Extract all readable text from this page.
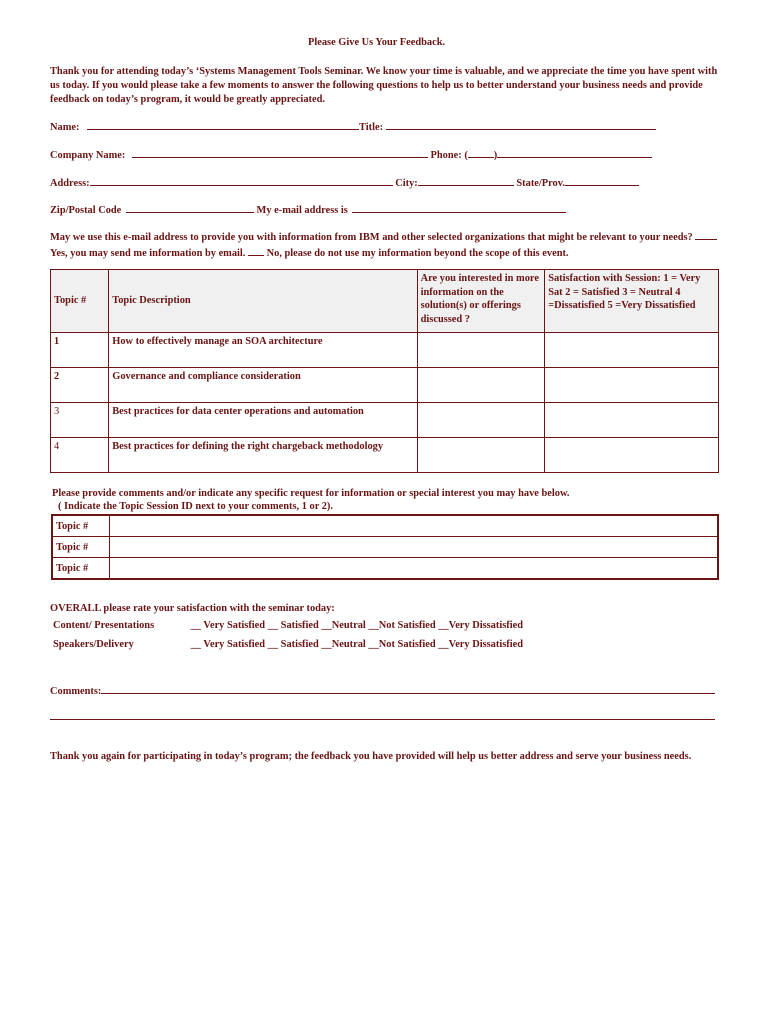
Please Give Us Your Feedback.
Thank you for attending today’s ‘Systems Management Tools Seminar. We know your time is valuable, and we appreciate the time you have spent with us today. If you would please take a few moments to answer the following questions to help us to better understand your business needs and provide feedback on today’s program, it would be greatly appreciated.
Name:	Title:
Company Name:	Phone: (	)
Address:	City:	State/Prov.
Zip/Postal Code	My e-mail address is
May we use this e-mail address to provide you with information from IBM and other selected organizations that might be relevant to your needs?  Yes, you may send me information by email. No, please do not use my information beyond the scope of this event.
Topic #	Topic Description	Are you interested in more information on the solution(s) or offerings discussed ?	Satisfaction with Session: 1 = Very Sat 2 = Satisfied 3 = Neutral 4 =Dissatisfied 5 =Very Dissatisfied
1	How to effectively manage an SOA architecture		
2	Governance and compliance consideration		
3	Best practices for data center operations and automation		
4	Best practices for defining the right chargeback methodology		
Please provide comments and/or indicate any specific request for information or special interest you may have below.
( Indicate the Topic Session ID next to your comments, 1 or 2).
Topic #	
Topic #	
Topic #	
OVERALL please rate your satisfaction with the seminar today:
Content/ Presentations	__ Very Satisfied __ Satisfied __Neutral __Not Satisfied __Very Dissatisfied
Speakers/Delivery	__ Very Satisfied __ Satisfied __Neutral __Not Satisfied __Very Dissatisfied
Comments:
Thank you again for participating in today’s program; the feedback you have provided will help us better address and serve your business needs.
